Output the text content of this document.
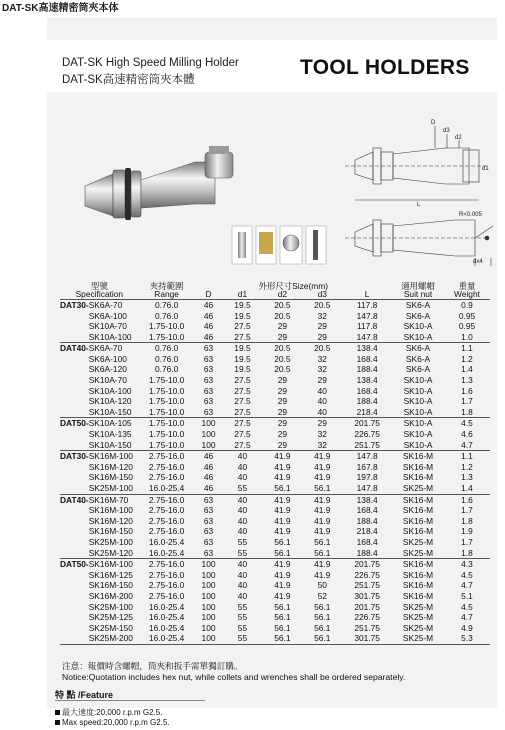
DAT-SK高速精密筒夾本体
DAT-SK High Speed Milling Holder
DAT-SK高速精密筒夾本體
TOOL HOLDERS
D
d3
d2
d1
L
R<0.005
dx4
型號		夾持範圍	外形尺寸Size(mm)					適用螺帽	重量
Specification		Range	D	d1	d2	d3	L	Suit nut	Weight
DAT30-	SK6A-70	0.76.0	46	19.5	20.5	20.5	117.8	SK6-A	0.9
	SK6A-100	0.76.0	46	19.5	20.5	32	147.8	SK6-A	0.95
	SK10A-70	1.75-10.0	46	27.5	29	29	117.8	SK10-A	0.95
	SK10A-100	1.75-10.0	46	27.5	29	29	147.8	SK10-A	1.0
DAT40-	SK6A-70	0.76.0	63	19.5	20.5	20.5	138.4	SK6-A	1.1
	SK6A-100	0.76.0	63	19.5	20.5	32	168.4	SK6-A	1.2
	SK6A-120	0.76.0	63	19.5	20.5	32	188.4	SK6-A	1.4
	SK10A-70	1.75-10.0	63	27.5	29	29	138.4	SK10-A	1.3
	SK10A-100	1.75-10.0	63	27.5	29	40	168.4	SK10-A	1.6
	SK10A-120	1.75-10.0	63	27.5	29	40	188.4	SK10-A	1.7
	SK10A-150	1.75-10.0	63	27.5	29	40	218.4	SK10-A	1.8
DAT50-	SK10A-105	1.75-10.0	100	27.5	29	29	201.75	SK10-A	4.5
	SK10A-135	1.75-10.0	100	27.5	29	32	226.75	SK10-A	4.6
	SK10A-150	1.75-10.0	100	27.5	29	32	251.75	SK10-A	4.7
DAT30-	SK16M-100	2.75-16.0	46	40	41.9	41.9	147.8	SK16-M	1.1
	SK16M-120	2.75-16.0	46	40	41.9	41.9	167.8	SK16-M	1.2
	SK16M-150	2.75-16.0	46	40	41.9	41.9	197.8	SK16-M	1.3
	SK25M-100	16.0-25.4	46	55	56.1	56.1	147.8	SK25-M	1.4
DAT40-	SK16M-70	2.75-16.0	63	40	41.9	41.9	138.4	SK16-M	1.6
	SK16M-100	2.75-16.0	63	40	41.9	41.9	168.4	SK16-M	1.7
	SK16M-120	2.75-16.0	63	40	41.9	41.9	188.4	SK16-M	1.8
	SK16M-150	2.75-16.0	63	40	41.9	41.9	218.4	SK16-M	1.9
	SK25M-100	16.0-25.4	63	55	56.1	56.1	168.4	SK25-M	1.7
	SK25M-120	16.0-25.4	63	55	56.1	56.1	188.4	SK25-M	1.8
DAT50-	SK16M-100	2.75-16.0	100	40	41.9	41.9	201.75	SK16-M	4.3
	SK16M-125	2.75-16.0	100	40	41.9	41.9	226.75	SK16-M	4.5
	SK16M-150	2.75-16.0	100	40	41.9	50	251.75	SK16-M	4.7
	SK16M-200	2.75-16.0	100	40	41.9	52	301.75	SK16-M	5.1
	SK25M-100	16.0-25.4	100	55	56.1	56.1	201.75	SK25-M	4.5
	SK25M-125	16.0-25.4	100	55	56.1	56.1	226.75	SK25-M	4.7
	SK25M-150	16.0-25.4	100	55	56.1	56.1	251.75	SK25-M	4.9
	SK25M-200	16.0-25.4	100	55	56.1	56.1	301.75	SK25-M	5.3
注意：報價時含螺帽，筒夾和扳手需單獨訂購。
Notice:Quotation includes hex nut, while collets and wrenches shall be ordered separately.
特 點 /Feature
最大速度:20,000 r.p.m G2.5.
Max speed:20,000 r.p.m G2.5.
